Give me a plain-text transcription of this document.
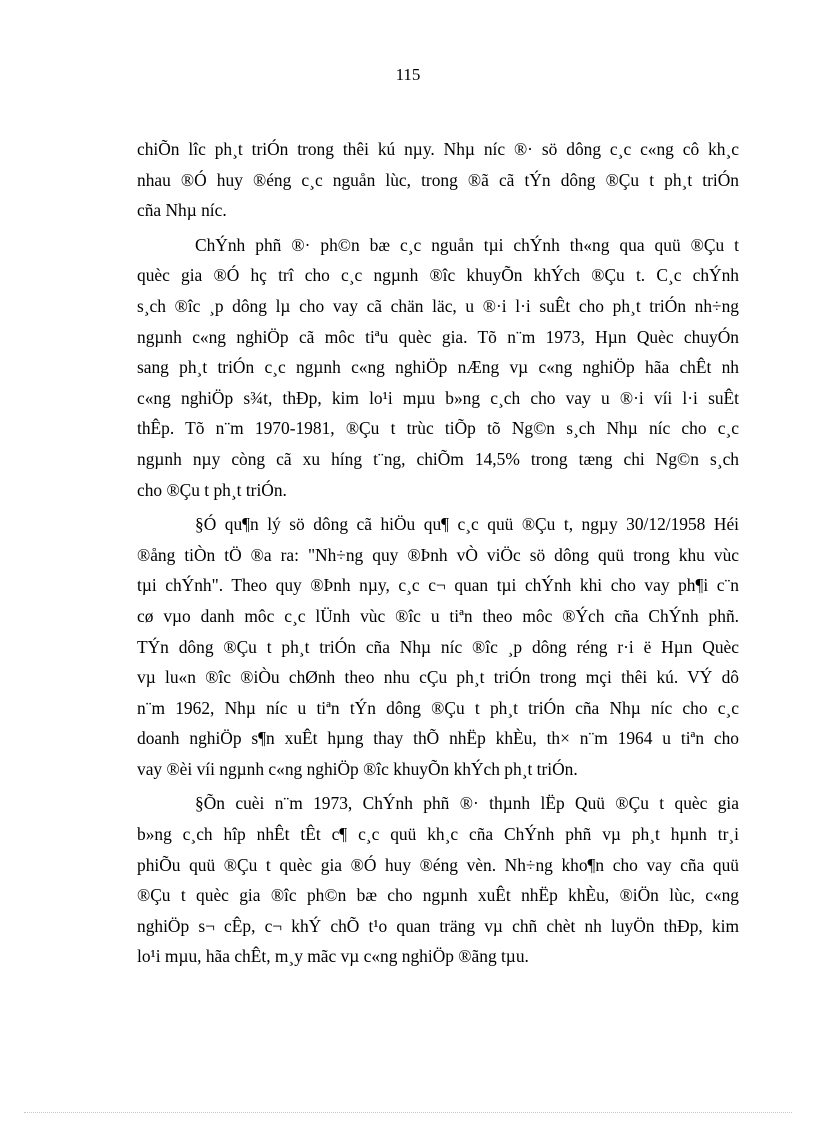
115
chiÕn lîc ph¸t triÓn trong thêi kú nµy. Nhµ níc ®· sö dông c¸c c«ng cô kh¸c
nhau ®Ó huy ®éng c¸c nguån lùc, trong ®ã cã tÝn dông ®Çu t ph¸t triÓn
cña Nhµ níc.
ChÝnh phñ ®· ph©n bæ c¸c nguån tµi chÝnh th«ng qua quü ®Çu t
quèc gia ®Ó hç trî cho c¸c ngµnh ®îc khuyÕn khÝch ®Çu t. C¸c chÝnh
s¸ch ®îc ¸p dông lµ cho vay cã chän läc, u ®·i l·i suÊt cho ph¸t triÓn nh÷ng
ngµnh c«ng nghiÖp cã môc tiªu quèc gia. Tõ n¨m 1973, Hµn Quèc chuyÓn
sang ph¸t triÓn c¸c ngµnh c«ng nghiÖp nÆng vµ c«ng nghiÖp hãa chÊt nh
c«ng nghiÖp s¾t, thÐp, kim lo¹i mµu b»ng c¸ch cho vay u ®·i víi l·i suÊt
thÊp. Tõ n¨m 1970-1981, ®Çu t trùc tiÕp tõ Ng©n s¸ch Nhµ níc cho c¸c
ngµnh nµy còng cã xu híng t¨ng, chiÕm 14,5% trong tæng chi Ng©n s¸ch
cho ®Çu t ph¸t triÓn.
§Ó qu¶n lý sö dông cã hiÖu qu¶ c¸c quü ®Çu t, ngµy 30/12/1958 Héi
®ång tiÒn tÖ ®a ra: "Nh÷ng quy ®Þnh vÒ viÖc sö dông quü trong khu vùc
tµi chÝnh". Theo quy ®Þnh nµy, c¸c c¬ quan tµi chÝnh khi cho vay ph¶i c¨n
cø vµo danh môc c¸c lÜnh vùc ®îc u tiªn theo môc ®Ých cña ChÝnh phñ.
TÝn dông ®Çu t ph¸t triÓn cña Nhµ níc ®îc ¸p dông réng r·i ë Hµn Quèc
vµ lu«n ®îc ®iÒu chØnh theo nhu cÇu ph¸t triÓn trong mçi thêi kú. VÝ dô
n¨m 1962, Nhµ níc u tiªn tÝn dông ®Çu t ph¸t triÓn cña Nhµ níc cho c¸c
doanh nghiÖp s¶n xuÊt hµng thay thÕ nhËp khÈu, th× n¨m 1964 u tiªn cho
vay ®èi víi ngµnh c«ng nghiÖp ®îc khuyÕn khÝch ph¸t triÓn.
§Õn cuèi n¨m 1973, ChÝnh phñ ®· thµnh lËp Quü ®Çu t quèc gia
b»ng c¸ch hîp nhÊt tÊt c¶ c¸c quü kh¸c cña ChÝnh phñ vµ ph¸t hµnh tr¸i
phiÕu quü ®Çu t quèc gia ®Ó huy ®éng vèn. Nh÷ng kho¶n cho vay cña quü
®Çu t quèc gia ®îc ph©n bæ cho ngµnh xuÊt nhËp khÈu, ®iÖn lùc, c«ng
nghiÖp s¬ cÊp, c¬ khÝ chÕ t¹o quan träng vµ chñ chèt nh luyÖn thÐp, kim
lo¹i mµu, hãa chÊt, m¸y mãc vµ c«ng nghiÖp ®ãng tµu.
